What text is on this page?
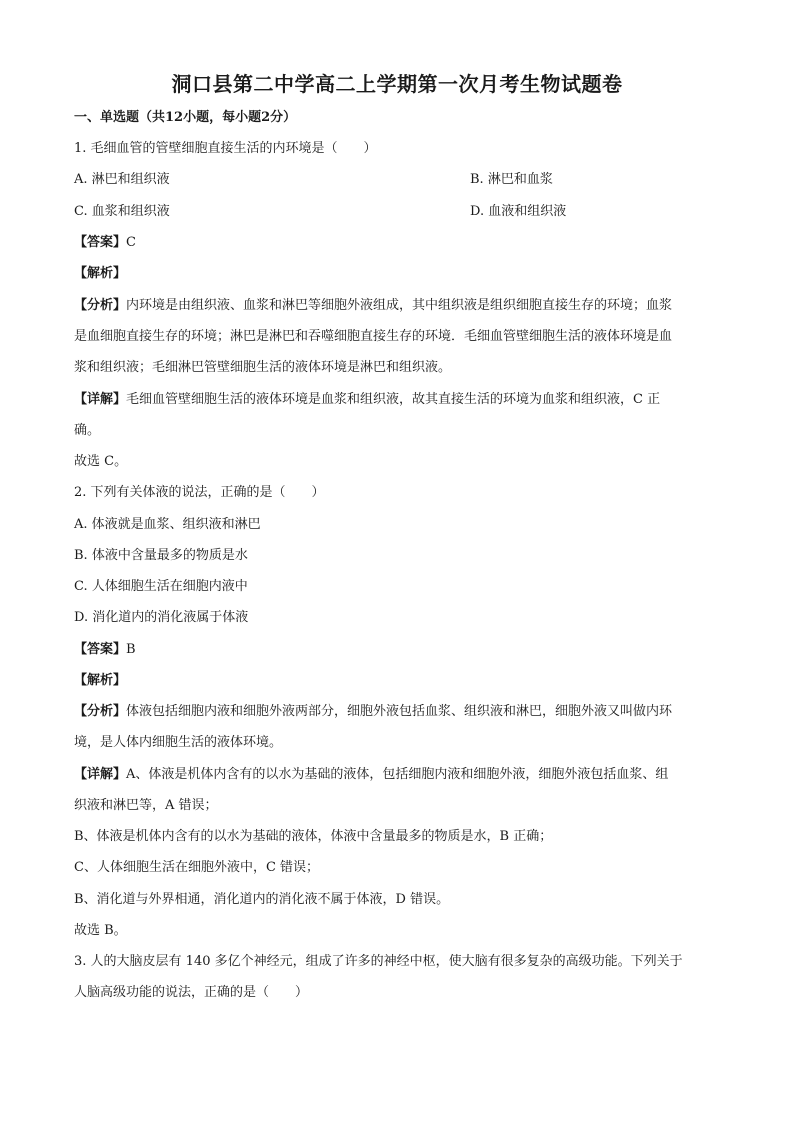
洞口县第二中学高二上学期第一次月考生物试题卷
一、单选题（共12小题，每小题2分）
1. 毛细血管的管壁细胞直接生活的内环境是（　　）
A. 淋巴和组织液	B. 淋巴和血浆
C. 血浆和组织液	D. 血液和组织液
【答案】C
【解析】
【分析】内环境是由组织液、血浆和淋巴等细胞外液组成，其中组织液是组织细胞直接生存的环境；血浆
是血细胞直接生存的环境；淋巴是淋巴和吞噬细胞直接生存的环境．毛细血管壁细胞生活的液体环境是血
浆和组织液；毛细淋巴管壁细胞生活的液体环境是淋巴和组织液。
【详解】毛细血管壁细胞生活的液体环境是血浆和组织液，故其直接生活的环境为血浆和组织液，C 正
确。
故选 C。
2. 下列有关体液的说法，正确的是（　　）
A. 体液就是血浆、组织液和淋巴
B. 体液中含量最多的物质是水
C. 人体细胞生活在细胞内液中
D. 消化道内的消化液属于体液
【答案】B
【解析】
【分析】体液包括细胞内液和细胞外液两部分，细胞外液包括血浆、组织液和淋巴，细胞外液又叫做内环
境，是人体内细胞生活的液体环境。
【详解】A、体液是机体内含有的以水为基础的液体，包括细胞内液和细胞外液，细胞外液包括血浆、组
织液和淋巴等，A 错误；
B、体液是机体内含有的以水为基础的液体，体液中含量最多的物质是水，B 正确；
C、人体细胞生活在细胞外液中，C 错误；
B、消化道与外界相通，消化道内的消化液不属于体液，D 错误。
故选 B。
3. 人的大脑皮层有 140 多亿个神经元，组成了许多的神经中枢，使大脑有很多复杂的高级功能。下列关于
人脑高级功能的说法，正确的是（　　）
